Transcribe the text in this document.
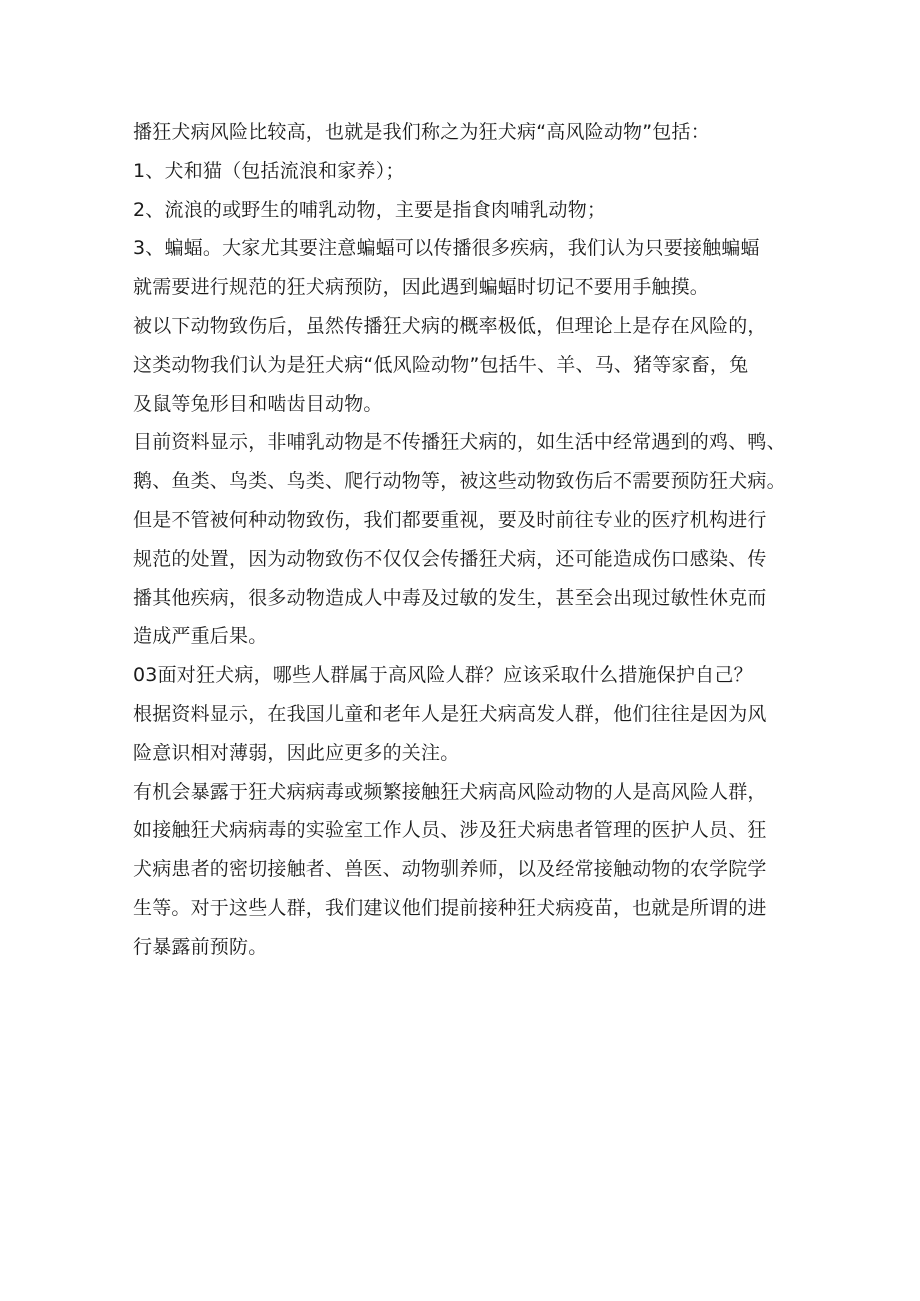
播狂犬病风险比较高，也就是我们称之为狂犬病“高风险动物”包括：

1、犬和猫（包括流浪和家养）；

2、流浪的或野生的哺乳动物，主要是指食肉哺乳动物；

3、蝙蝠。大家尤其要注意蝙蝠可以传播很多疾病，我们认为只要接触蝙蝠
就需要进行规范的狂犬病预防，因此遇到蝙蝠时切记不要用手触摸。

被以下动物致伤后，虽然传播狂犬病的概率极低，但理论上是存在风险的，
这类动物我们认为是狂犬病“低风险动物”包括牛、羊、马、猪等家畜，兔
及鼠等兔形目和啮齿目动物。

目前资料显示，非哺乳动物是不传播狂犬病的，如生活中经常遇到的鸡、鸭、
鹅、鱼类、鸟类、鸟类、爬行动物等，被这些动物致伤后不需要预防狂犬病。
但是不管被何种动物致伤，我们都要重视，要及时前往专业的医疗机构进行
规范的处置，因为动物致伤不仅仅会传播狂犬病，还可能造成伤口感染、传
播其他疾病，很多动物造成人中毒及过敏的发生，甚至会出现过敏性休克而
造成严重后果。

03面对狂犬病，哪些人群属于高风险人群？应该采取什么措施保护自己？

根据资料显示，在我国儿童和老年人是狂犬病高发人群，他们往往是因为风
险意识相对薄弱，因此应更多的关注。

有机会暴露于狂犬病病毒或频繁接触狂犬病高风险动物的人是高风险人群，
如接触狂犬病病毒的实验室工作人员、涉及狂犬病患者管理的医护人员、狂
犬病患者的密切接触者、兽医、动物驯养师，以及经常接触动物的农学院学
生等。对于这些人群，我们建议他们提前接种狂犬病疫苗，也就是所谓的进
行暴露前预防。
